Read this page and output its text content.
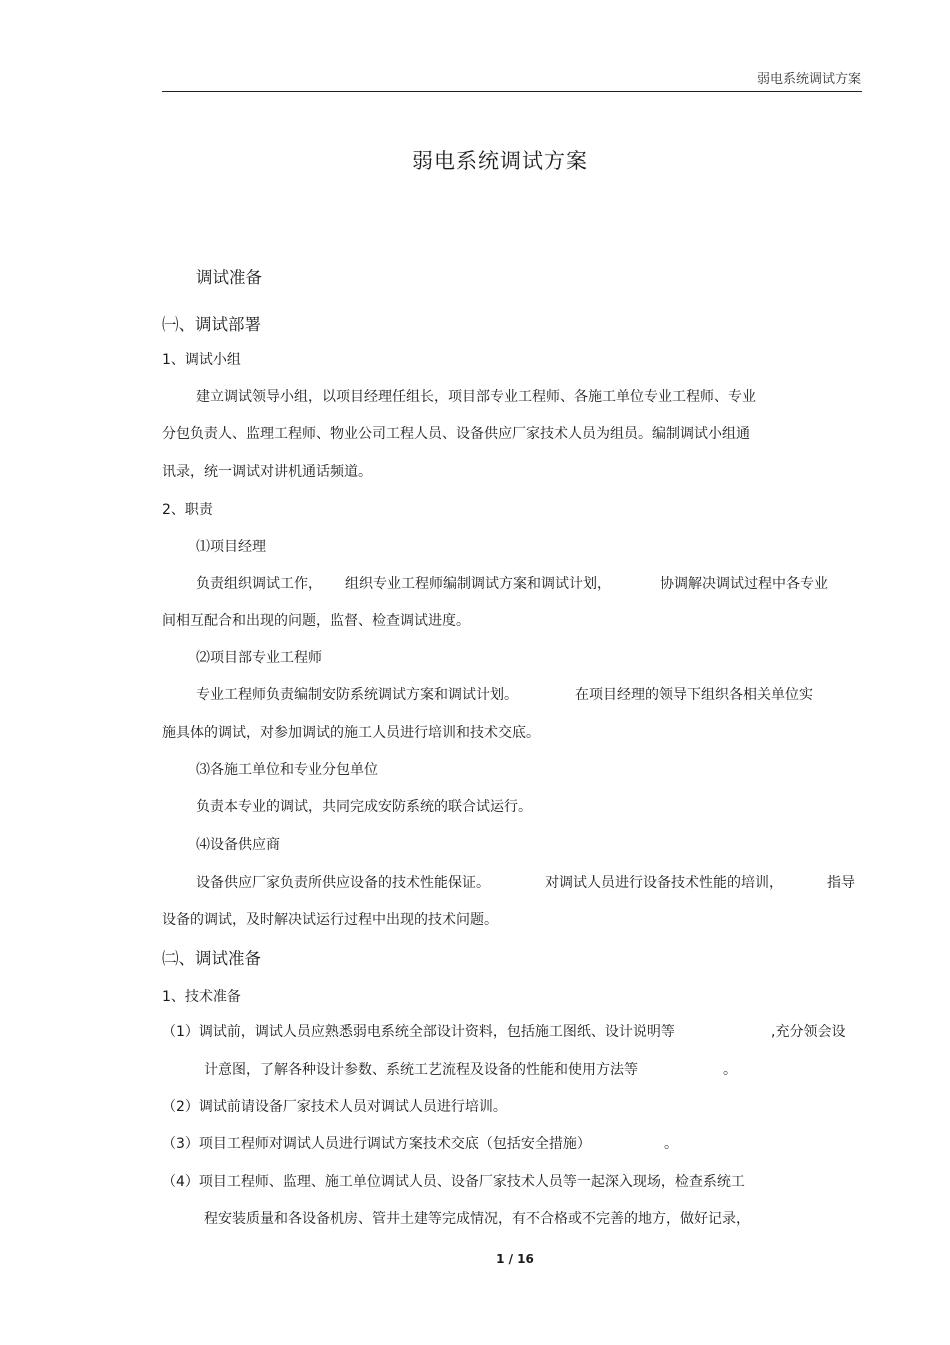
弱电系统调试方案
弱电系统调试方案
调试准备
㈠、调试部署
1、调试小组
建立调试领导小组，以项目经理任组长，项目部专业工程师、各施工单位专业工程师、专业
分包负责人、监理工程师、物业公司工程人员、设备供应厂家技术人员为组员。编制调试小组通
讯录，统一调试对讲机通话频道。
2、职责
⑴项目经理
负责组织调试工作， 组织专业工程师编制调试方案和调试计划，	协调解决调试过程中各专业
间相互配合和出现的问题，监督、检查调试进度。
⑵项目部专业工程师
专业工程师负责编制安防系统调试方案和调试计划。	在项目经理的领导下组织各相关单位实
施具体的调试，对参加调试的施工人员进行培训和技术交底。
⑶各施工单位和专业分包单位
负责本专业的调试，共同完成安防系统的联合试运行。
⑷设备供应商
设备供应厂家负责所供应设备的技术性能保证。	对调试人员进行设备技术性能的培训，	指导
设备的调试，及时解决试运行过程中出现的技术问题。
㈡、调试准备
1、技术准备
（1）调试前，调试人员应熟悉弱电系统全部设计资料，包括施工图纸、设计说明等	,充分领会设
计意图，了解各种设计参数、系统工艺流程及设备的性能和使用方法等	。
（2）调试前请设备厂家技术人员对调试人员进行培训。
（3）项目工程师对调试人员进行调试方案技术交底（包括安全措施）	。
（4）项目工程师、监理、施工单位调试人员、设备厂家技术人员等一起深入现场，检查系统工
程安装质量和各设备机房、管井土建等完成情况，有不合格或不完善的地方，做好记录，
1 / 16
